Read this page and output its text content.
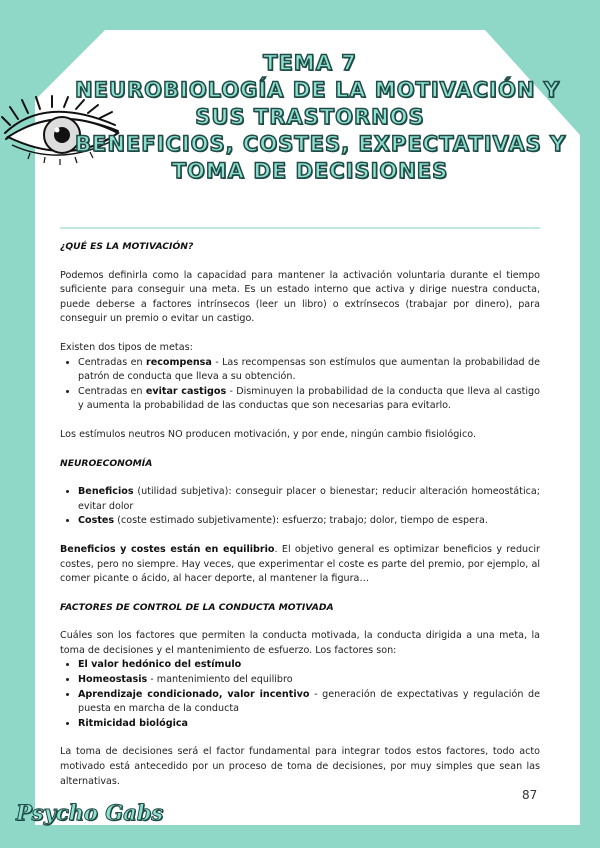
TEMA 7
NEUROBIOLOGÍA DE LA MOTIVACIÓN Y
SUS TRASTORNOS
BENEFICIOS, COSTES, EXPECTATIVAS Y
TOMA DE DECISIONES

¿QUÉ ES LA MOTIVACIÓN?

Podemos definirla como la capacidad para mantener la activación voluntaria durante el tiempo suficiente para conseguir una meta. Es un estado interno que activa y dirige nuestra conducta, puede deberse a factores intrínsecos (leer un libro) o extrínsecos (trabajar por dinero), para conseguir un premio o evitar un castigo.

Existen dos tipos de metas:

• Centradas en recompensa - Las recompensas son estímulos que aumentan la probabilidad de patrón de conducta que lleva a su obtención.
• Centradas en evitar castigos - Disminuyen la probabilidad de la conducta que lleva al castigo y aumenta la probabilidad de las conductas que son necesarias para evitarlo.

Los estímulos neutros NO producen motivación, y por ende, ningún cambio fisiológico.

NEUROECONOMÍA

• Beneficios (utilidad subjetiva): conseguir placer o bienestar; reducir alteración homeostática; evitar dolor
• Costes (coste estimado subjetivamente): esfuerzo; trabajo; dolor, tiempo de espera.

Beneficios y costes están en equilibrio. El objetivo general es optimizar beneficios y reducir costes, pero no siempre. Hay veces, que experimentar el coste es parte del premio, por ejemplo, al comer picante o ácido, al hacer deporte, al mantener la figura…

FACTORES DE CONTROL DE LA CONDUCTA MOTIVADA

Cuáles son los factores que permiten la conducta motivada, la conducta dirigida a una meta, la toma de decisiones y el mantenimiento de esfuerzo. Los factores son:

• El valor hedónico del estímulo
• Homeostasis - mantenimiento del equilibro
• Aprendizaje condicionado, valor incentivo - generación de expectativas y regulación de puesta en marcha de la conducta
• Ritmicidad biológica

La toma de decisiones será el factor fundamental para integrar todos estos factores, todo acto motivado está antecedido por un proceso de toma de decisiones, por muy simples que sean las alternativas.

87
Psycho Gabs
